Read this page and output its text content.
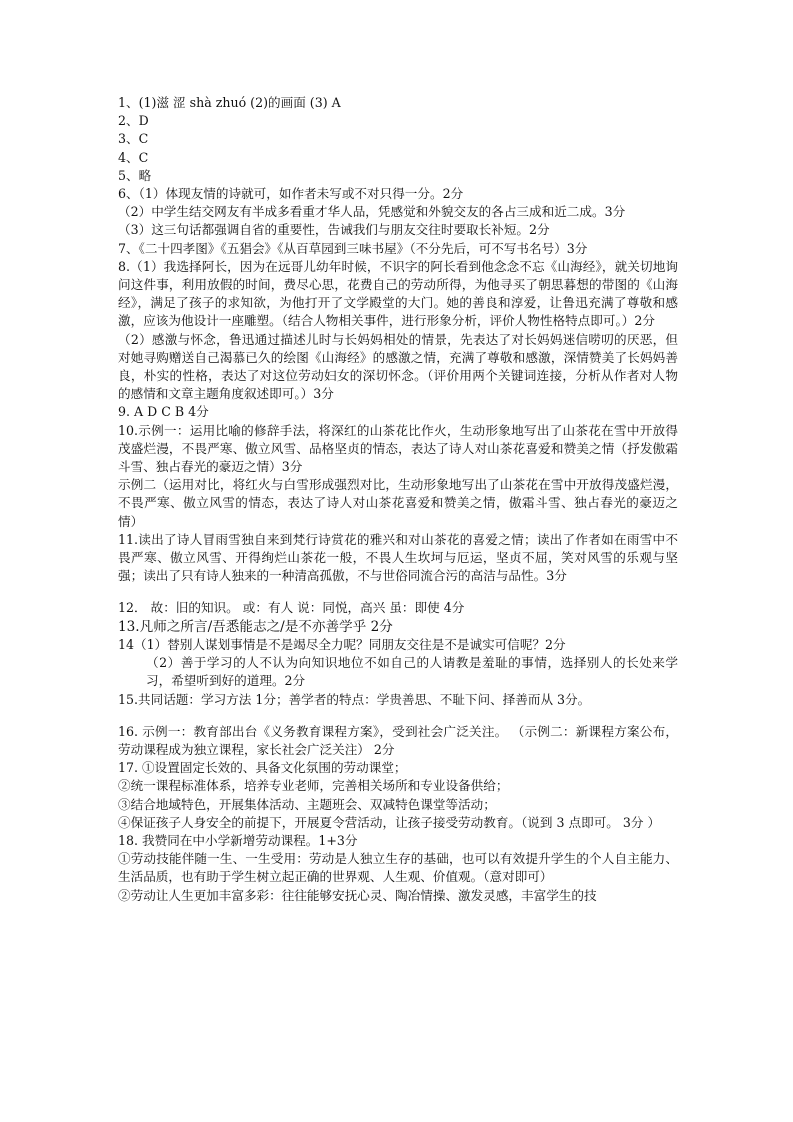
1、(1)滋 涩 shà zhuó (2)的画面 (3) A

2、D

3、C

4、C

5、略

6、（1）体现友情的诗就可，如作者未写或不对只得一分。2分

（2）中学生结交网友有半成多看重才华人品，凭感觉和外貌交友的各占三成和近二成。3分

（3）这三句话都强调自省的重要性，告诫我们与朋友交往时要取长补短。2分

7、《二十四孝图》《五猖会》《从百草园到三味书屋》（不分先后，可不写书名号）3分

8.（1）我选择阿长，因为在远哥儿幼年时候，不识字的阿长看到他念念不忘《山海经》，就关切地询问这件事，利用放假的时间，费尽心思，花费自己的劳动所得，为他寻买了朝思暮想的带图的《山海经》，满足了孩子的求知欲，为他打开了文学殿堂的大门。她的善良和淳爱，让鲁迅充满了尊敬和感激，应该为他设计一座雕塑。（结合人物相关事件，进行形象分析，评价人物性格特点即可。）2分

（2）感激与怀念，鲁迅通过描述儿时与长妈妈相处的情景，先表达了对长妈妈迷信唠叨的厌恶，但对她寻购赠送自己渴慕已久的绘图《山海经》的感激之情，充满了尊敬和感激，深情赞美了长妈妈善良，朴实的性格，表达了对这位劳动妇女的深切怀念。（评价用两个关键词连接，分析从作者对人物的感情和文章主题角度叙述即可。）3分

9. A D C B 4分

10.示例一：运用比喻的修辞手法，将深红的山茶花比作火，生动形象地写出了山茶花在雪中开放得茂盛烂漫，不畏严寒、傲立风雪、品格坚贞的情态，表达了诗人对山茶花喜爱和赞美之情（抒发傲霜斗雪、独占春光的豪迈之情）3分

示例二（运用对比，将红火与白雪形成强烈对比，生动形象地写出了山茶花在雪中开放得茂盛烂漫，不畏严寒、傲立风雪的情态，表达了诗人对山茶花喜爱和赞美之情，傲霜斗雪、独占春光的豪迈之情）

11.读出了诗人冒雨雪独自来到梵行诗赏花的雅兴和对山茶花的喜爱之情；读出了作者如在雨雪中不畏严寒、傲立风雪、开得绚烂山茶花一般，不畏人生坎坷与厄运，坚贞不屈，笑对风雪的乐观与坚强；读出了只有诗人独来的一种清高孤傲，不与世俗同流合污的高洁与品性。3分

12． 故：旧的知识。 或：有人 说：同悦，高兴 虽：即使 4分

13.凡师之所言/吾悉能志之/是不亦善学乎 2分

14（1）替别人谋划事情是不是竭尽全力呢？同朋友交往是不是诚实可信呢？2分

（2）善于学习的人不认为向知识地位不如自己的人请教是羞耻的事情，选择别人的长处来学习，希望听到好的道理。2分

15.共同话题：学习方法 1分；善学者的特点：学贵善思、不耻下问、择善而从 3分。

16. 示例一：教育部出台《义务教育课程方案》，受到社会广泛关注。 （示例二：新课程方案公布，劳动课程成为独立课程，家长社会广泛关注） 2分

17. ①设置固定长效的、具备文化氛围的劳动课堂；

②统一课程标准体系，培养专业老师，完善相关场所和专业设备供给；

③结合地域特色，开展集体活动、主题班会、双减特色课堂等活动；

④保证孩子人身安全的前提下，开展夏令营活动，让孩子接受劳动教育。（说到 3 点即可。 3分 ）

18. 我赞同在中小学新增劳动课程。1+3分

①劳动技能伴随一生、一生受用：劳动是人独立生存的基础，也可以有效提升学生的个人自主能力、生活品质，也有助于学生树立起正确的世界观、人生观、价值观。（意对即可）

②劳动让人生更加丰富多彩：往往能够安抚心灵、陶冶情操、激发灵感，丰富学生的技
